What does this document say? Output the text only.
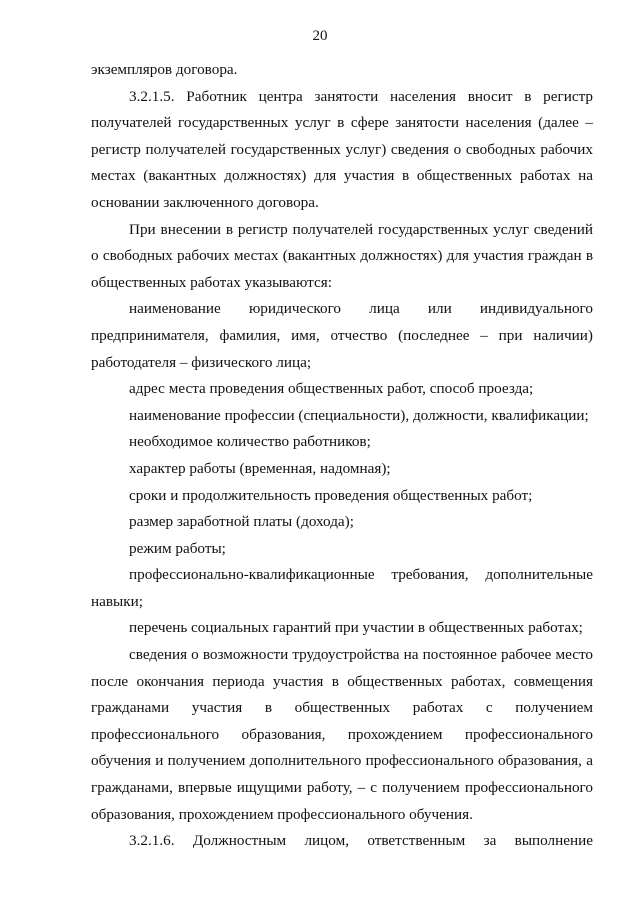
20
экземпляров договора.
3.2.1.5. Работник центра занятости населения вносит в регистр
получателей государственных услуг в сфере занятости населения (далее –
регистр получателей государственных услуг) сведения о свободных рабочих
местах (вакантных должностях) для участия в общественных работах на
основании заключенного договора.
При внесении в регистр получателей государственных услуг сведений
о свободных рабочих местах (вакантных должностях) для участия граждан в
общественных работах указываются:
наименование юридического лица или индивидуального
предпринимателя, фамилия, имя, отчество (последнее – при наличии)
работодателя – физического лица;
адрес места проведения общественных работ, способ проезда;
наименование профессии (специальности), должности, квалификации;
необходимое количество работников;
характер работы (временная, надомная);
сроки и продолжительность проведения общественных работ;
размер заработной платы (дохода);
режим работы;
профессионально-квалификационные требования, дополнительные
навыки;
перечень социальных гарантий при участии в общественных работах;
сведения о возможности трудоустройства на постоянное рабочее место
после окончания периода участия в общественных работах, совмещения
гражданами участия в общественных работах с получением
профессионального образования, прохождением профессионального
обучения и получением дополнительного профессионального образования, а
гражданами, впервые ищущими работу, – с получением профессионального
образования, прохождением профессионального обучения.
3.2.1.6. Должностным лицом, ответственным за выполнение
